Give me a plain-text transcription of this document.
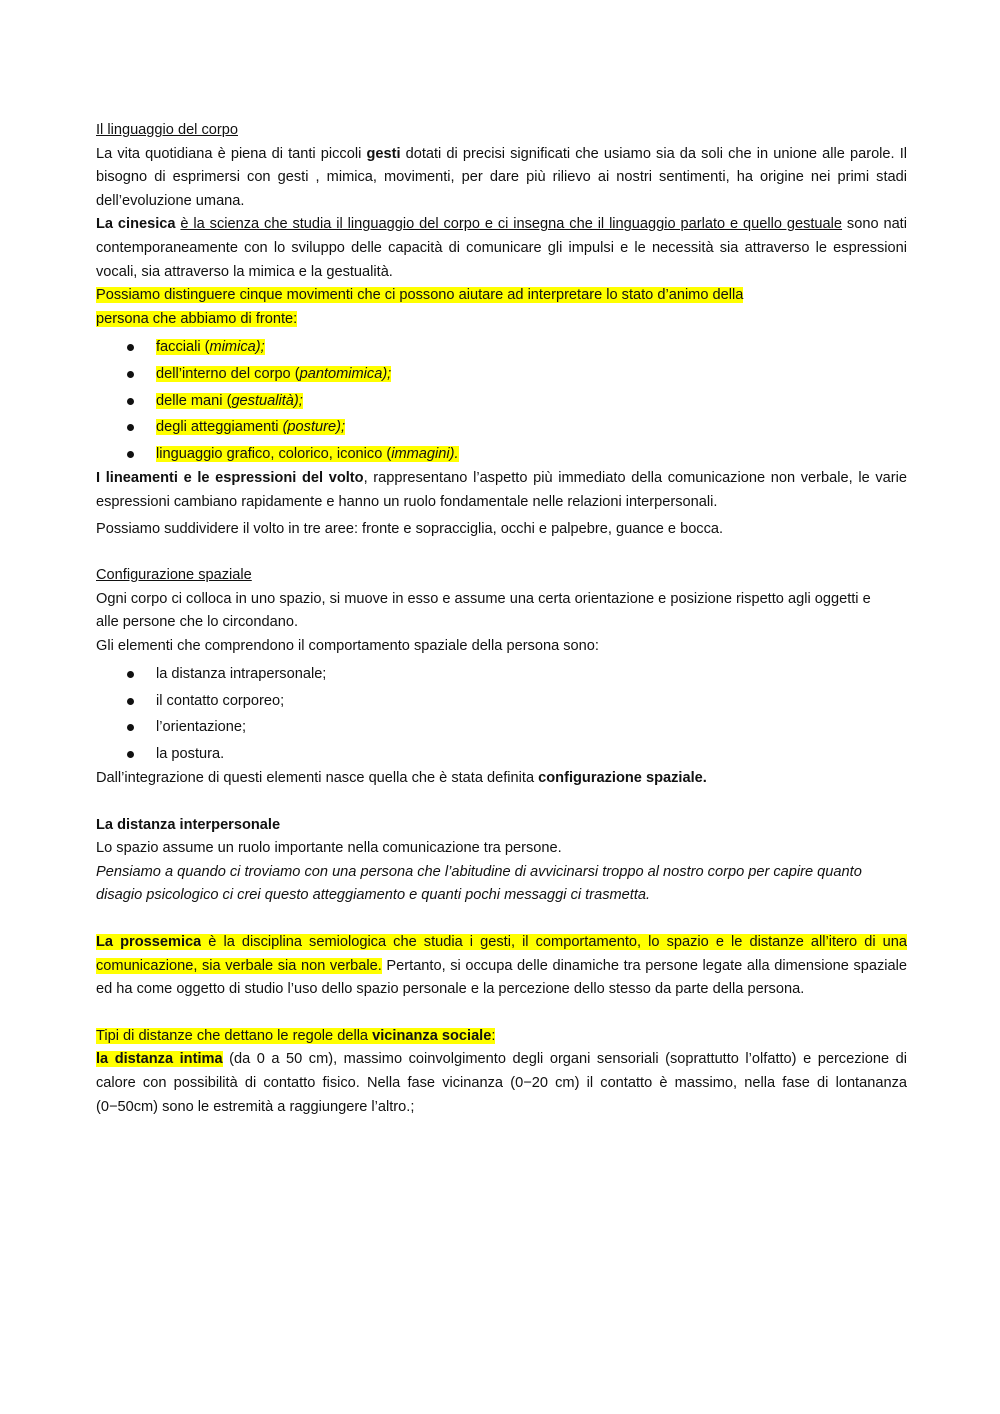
Il linguaggio del corpo

La vita quotidiana è piena di tanti piccoli gesti dotati di precisi significati che usiamo sia da soli che in unione alle parole. Il bisogno di esprimersi con gesti , mimica, movimenti, per dare più rilievo ai nostri sentimenti, ha origine nei primi stadi dell’evoluzione umana.

La cinesica è la scienza che studia il linguaggio del corpo e ci insegna che il linguaggio parlato e quello gestuale sono nati contemporaneamente con lo sviluppo delle capacità di comunicare gli impulsi e le necessità sia attraverso le espressioni vocali, sia attraverso la mimica e la gestualità.

Possiamo distinguere cinque movimenti che ci possono aiutare ad interpretare lo stato d’animo della
persona che abbiamo di fronte:

facciali (mimica);
dell’interno del corpo (pantomimica);
delle mani (gestualità);
degli atteggiamenti (posture);
linguaggio grafico, colorico, iconico (immagini).

I lineamenti e le espressioni del volto, rappresentano l’aspetto più immediato della comunicazione non verbale, le varie espressioni cambiano rapidamente e hanno un ruolo fondamentale nelle relazioni interpersonali.

Possiamo suddividere il volto in tre aree: fronte e sopracciglia, occhi e palpebre, guance e bocca.

Configurazione spaziale

Ogni corpo ci colloca in uno spazio, si muove in esso e assume una certa orientazione e posizione rispetto agli oggetti e alle persone che lo circondano.

Gli elementi che comprendono il comportamento spaziale della persona sono:

la distanza intrapersonale;
il contatto corporeo;
l’orientazione;
la postura.

Dall’integrazione di questi elementi nasce quella che è stata definita configurazione spaziale.

La distanza interpersonale

Lo spazio assume un ruolo importante nella comunicazione tra persone.

Pensiamo a quando ci troviamo con una persona che l’abitudine di avvicinarsi troppo al nostro corpo per capire quanto disagio psicologico ci crei questo atteggiamento e quanti pochi messaggi ci trasmetta.

La prossemica è la disciplina semiologica che studia i gesti, il comportamento, lo spazio e le distanze all’itero di una comunicazione, sia verbale sia non verbale. Pertanto, si occupa delle dinamiche tra persone legate alla dimensione spaziale ed ha come oggetto di studio l’uso dello spazio personale e la percezione dello stesso da parte della persona.

Tipi di distanze che dettano le regole della vicinanza sociale:

la distanza intima (da 0 a 50 cm), massimo coinvolgimento degli organi sensoriali (soprattutto l’olfatto) e percezione di calore con possibilità di contatto fisico. Nella fase vicinanza (0−20 cm) il contatto è massimo, nella fase di lontananza (0−50cm) sono le estremità a raggiungere l’altro.;
